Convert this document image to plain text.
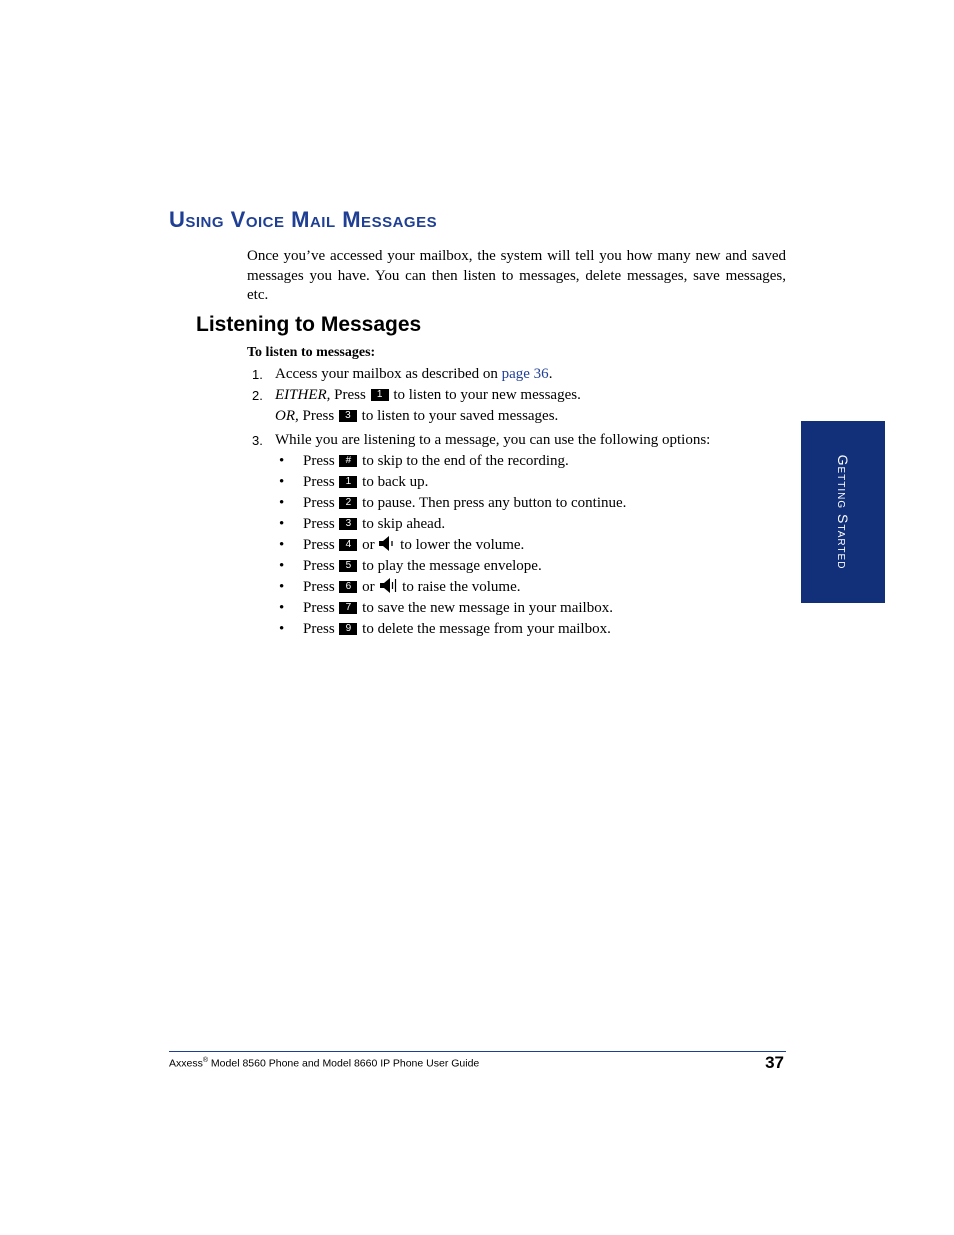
Using Voice Mail Messages

Once you’ve accessed your mailbox, the system will tell you how many new and saved messages you have. You can then listen to messages, delete messages, save messages, etc.

Listening to Messages

To listen to messages:

1. Access your mailbox as described on page 36.
2. EITHER, Press 1 to listen to your new messages.
OR, Press 3 to listen to your saved messages.
3. While you are listening to a message, you can use the following options:
• Press # to skip to the end of the recording.
• Press 1 to back up.
• Press 2 to pause. Then press any button to continue.
• Press 3 to skip ahead.
• Press 4 or to lower the volume.
• Press 5 to play the message envelope.
• Press 6 or to raise the volume.
• Press 7 to save the new message in your mailbox.
• Press 9 to delete the message from your mailbox.
Getting Started
Axxess® Model 8560 Phone and Model 8660 IP Phone User Guide	37
